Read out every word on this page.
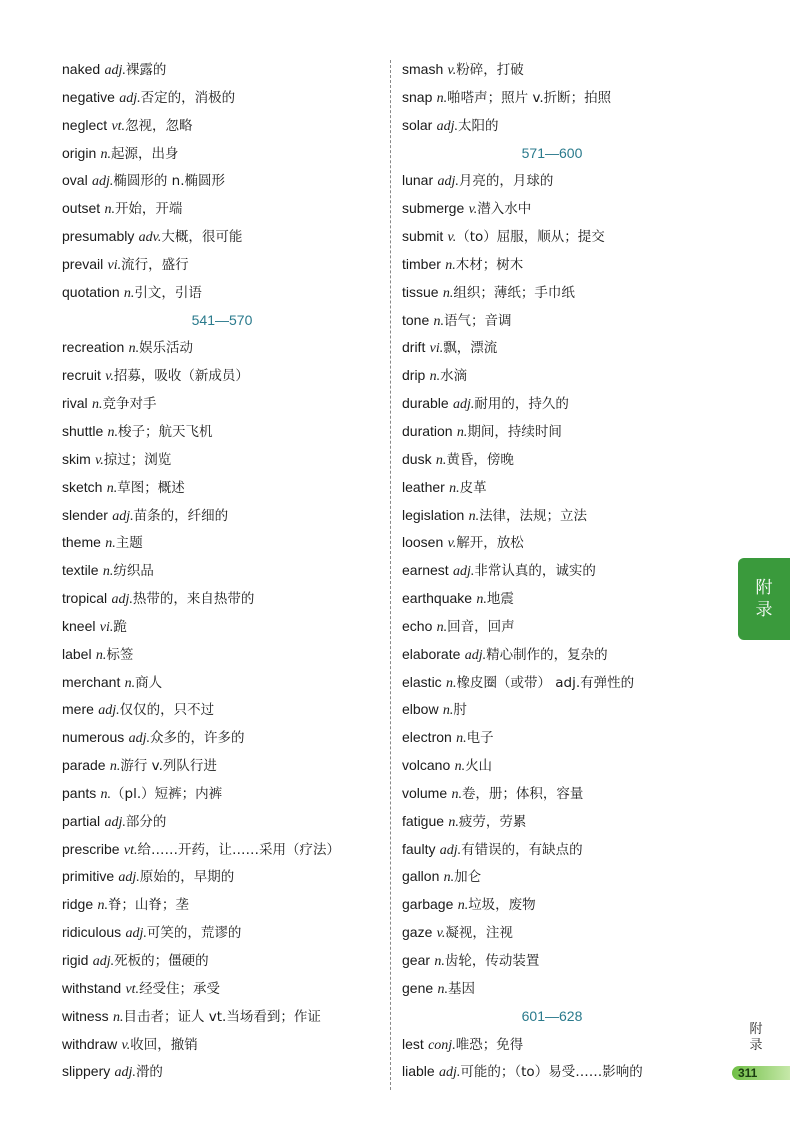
naked adj.裸露的
negative adj.否定的，消极的
neglect vt.忽视，忽略
origin n.起源，出身
oval adj.椭圆形的 n.椭圆形
outset n.开始，开端
presumably adv.大概，很可能
prevail vi.流行，盛行
quotation n.引文，引语
541—570
recreation n.娱乐活动
recruit v.招募，吸收（新成员）
rival n.竞争对手
shuttle n.梭子；航天飞机
skim v.掠过；浏览
sketch n.草图；概述
slender adj.苗条的，纤细的
theme n.主题
textile n.纺织品
tropical adj.热带的，来自热带的
kneel vi.跪
label n.标签
merchant n.商人
mere adj.仅仅的，只不过
numerous adj.众多的，许多的
parade n.游行 v.列队行进
pants n.（pl.）短裤；内裤
partial adj.部分的
prescribe vt.给……开药，让……采用（疗法）
primitive adj.原始的，早期的
ridge n.脊；山脊；垄
ridiculous adj.可笑的，荒谬的
rigid adj.死板的；僵硬的
withstand vt.经受住；承受
witness n.目击者；证人 vt.当场看到；作证
withdraw v.收回，撤销
slippery adj.滑的
smash v.粉碎，打破
snap n.啪嗒声；照片 v.折断；拍照
solar adj.太阳的
571—600
lunar adj.月亮的，月球的
submerge v.潜入水中
submit v.（to）屈服，顺从；提交
timber n.木材；树木
tissue n.组织；薄纸；手巾纸
tone n.语气；音调
drift vi.飘，漂流
drip n.水滴
durable adj.耐用的，持久的
duration n.期间，持续时间
dusk n.黄昏，傍晚
leather n.皮革
legislation n.法律，法规；立法
loosen v.解开，放松
earnest adj.非常认真的，诚实的
earthquake n.地震
echo n.回音，回声
elaborate adj.精心制作的，复杂的
elastic n.橡皮圈（或带） adj.有弹性的
elbow n.肘
electron n.电子
volcano n.火山
volume n.卷，册；体积，容量
fatigue n.疲劳，劳累
faulty adj.有错误的，有缺点的
gallon n.加仑
garbage n.垃圾，废物
gaze v.凝视，注视
gear n.齿轮，传动装置
gene n.基因
601—628
lest conj.唯恐；免得
liable adj.可能的；（to）易受……影响的
附
录
附
录
311
